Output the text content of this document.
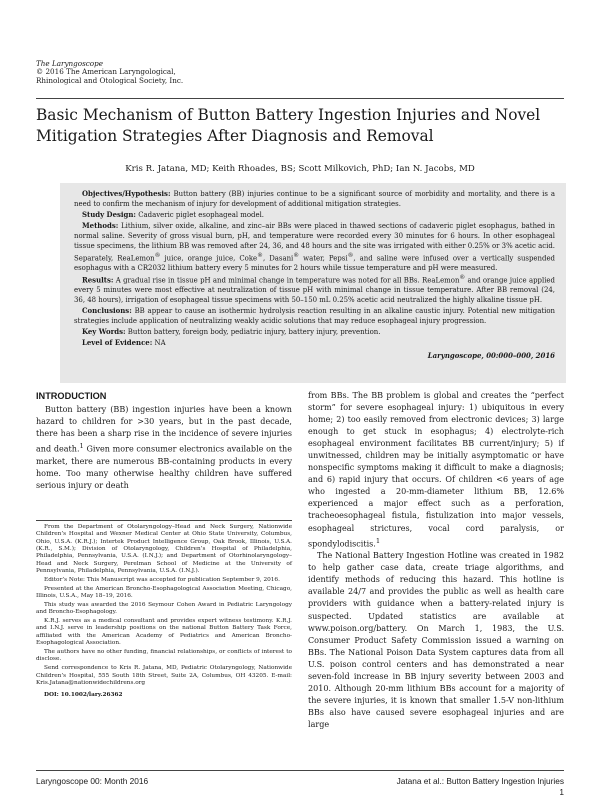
The Laryngoscope
© 2016 The American Laryngological,
Rhinological and Otological Society, Inc.
Basic Mechanism of Button Battery Ingestion Injuries and Novel Mitigation Strategies After Diagnosis and Removal
Kris R. Jatana, MD; Keith Rhoades, BS; Scott Milkovich, PhD; Ian N. Jacobs, MD

Objectives/Hypothesis: Button battery (BB) injuries continue to be a significant source of morbidity and mortality, and there is a need to confirm the mechanism of injury for development of additional mitigation strategies.

Study Design: Cadaveric piglet esophageal model.

Methods: Lithium, silver oxide, alkaline, and zinc–air BBs were placed in thawed sections of cadaveric piglet esophagus, bathed in normal saline. Severity of gross visual burn, pH, and temperature were recorded every 30 minutes for 6 hours. In other esophageal tissue specimens, the lithium BB was removed after 24, 36, and 48 hours and the site was irrigated with either 0.25% or 3% acetic acid. Separately, ReaLemon® juice, orange juice, Coke®, Dasani® water, Pepsi®, and saline were infused over a vertically suspended esophagus with a CR2032 lithium battery every 5 minutes for 2 hours while tissue temperature and pH were measured.

Results: A gradual rise in tissue pH and minimal change in temperature was noted for all BBs. ReaLemon® and orange juice applied every 5 minutes were most effective at neutralization of tissue pH with minimal change in tissue temperature. After BB removal (24, 36, 48 hours), irrigation of esophageal tissue specimens with 50–150 mL 0.25% acetic acid neutralized the highly alkaline tissue pH.

Conclusions: BB appear to cause an isothermic hydrolysis reaction resulting in an alkaline caustic injury. Potential new mitigation strategies include application of neutralizing weakly acidic solutions that may reduce esophageal injury progression.

Key Words: Button battery, foreign body, pediatric injury, battery injury, prevention.

Level of Evidence: NA

Laryngoscope, 00:000–000, 2016

INTRODUCTION

Button battery (BB) ingestion injuries have been a known hazard to children for >30 years, but in the past decade, there has been a sharp rise in the incidence of severe injuries and death.$^1$ Given more consumer electronics available on the market, there are numerous BB-containing products in every home. Too many otherwise healthy children have suffered serious injury or death

From the Department of Otolaryngology–Head and Neck Surgery, Nationwide Children’s Hospital and Wexner Medical Center at Ohio State University, Columbus, Ohio, U.S.A. (K.R.J.); Intertek Product Intelligence Group, Oak Brook, Illinois, U.S.A. (K.R., S.M.); Division of Otolaryngology, Children’s Hospital of Philadelphia, Philadelphia, Pennsylvania, U.S.A. (I.N.J.); and Department of Otorhinolaryngology–Head and Neck Surgery, Perelman School of Medicine at the University of Pennsylvania, Philadelphia, Pennsylvania, U.S.A. (I.N.J.).

Editor’s Note: This Manuscript was accepted for publication September 9, 2016.

Presented at the American Broncho-Esophagological Association Meeting, Chicago, Illinois, U.S.A., May 18–19, 2016.

This study was awarded the 2016 Seymour Cohen Award in Pediatric Laryngology and Broncho-Esophagology.

K.R.J. serves as a medical consultant and provides expert witness testimony. K.R.J. and I.N.J. serve in leadership positions on the national Button Battery Task Force, affiliated with the American Academy of Pediatrics and American Broncho-Esophagological Association.

The authors have no other funding, financial relationships, or conflicts of interest to disclose.

Send correspondence to Kris R. Jatana, MD, Pediatric Otolaryngology, Nationwide Children’s Hospital, 555 South 18th Street, Suite 2A, Columbus, OH 43205. E-mail: Kris.Jatana@nationwidechildrens.org

DOI: 10.1002/lary.26362

from BBs. The BB problem is global and creates the “perfect storm” for severe esophageal injury: 1) ubiquitous in every home; 2) too easily removed from electronic devices; 3) large enough to get stuck in esophagus; 4) electrolyte-rich esophageal environment facilitates BB current/injury; 5) if unwitnessed, children may be initially asymptomatic or have nonspecific symptoms making it difficult to make a diagnosis; and 6) rapid injury that occurs. Of children <6 years of age who ingested a 20-mm-diameter lithium BB, 12.6% experienced a major effect such as a perforation, tracheoesophageal fistula, fistulization into major vessels, esophageal strictures, vocal cord paralysis, or spondylodiscitis.$^1$

The National Battery Ingestion Hotline was created in 1982 to help gather case data, create triage algorithms, and identify methods of reducing this hazard. This hotline is available 24/7 and provides the public as well as health care providers with guidance when a battery-related injury is suspected. Updated statistics are available at www.poison.org/battery. On March 1, 1983, the U.S. Consumer Product Safety Commission issued a warning on BBs. The National Poison Data System captures data from all U.S. poison control centers and has demonstrated a near seven-fold increase in BB injury severity between 2003 and 2010. Although 20-mm lithium BBs account for a majority of the severe injuries, it is known that smaller 1.5-V non-lithium BBs also have caused severe esophageal injuries and are large

Laryngoscope 00: Month 2016	Jatana et al.: Button Battery Ingestion Injuries
1
